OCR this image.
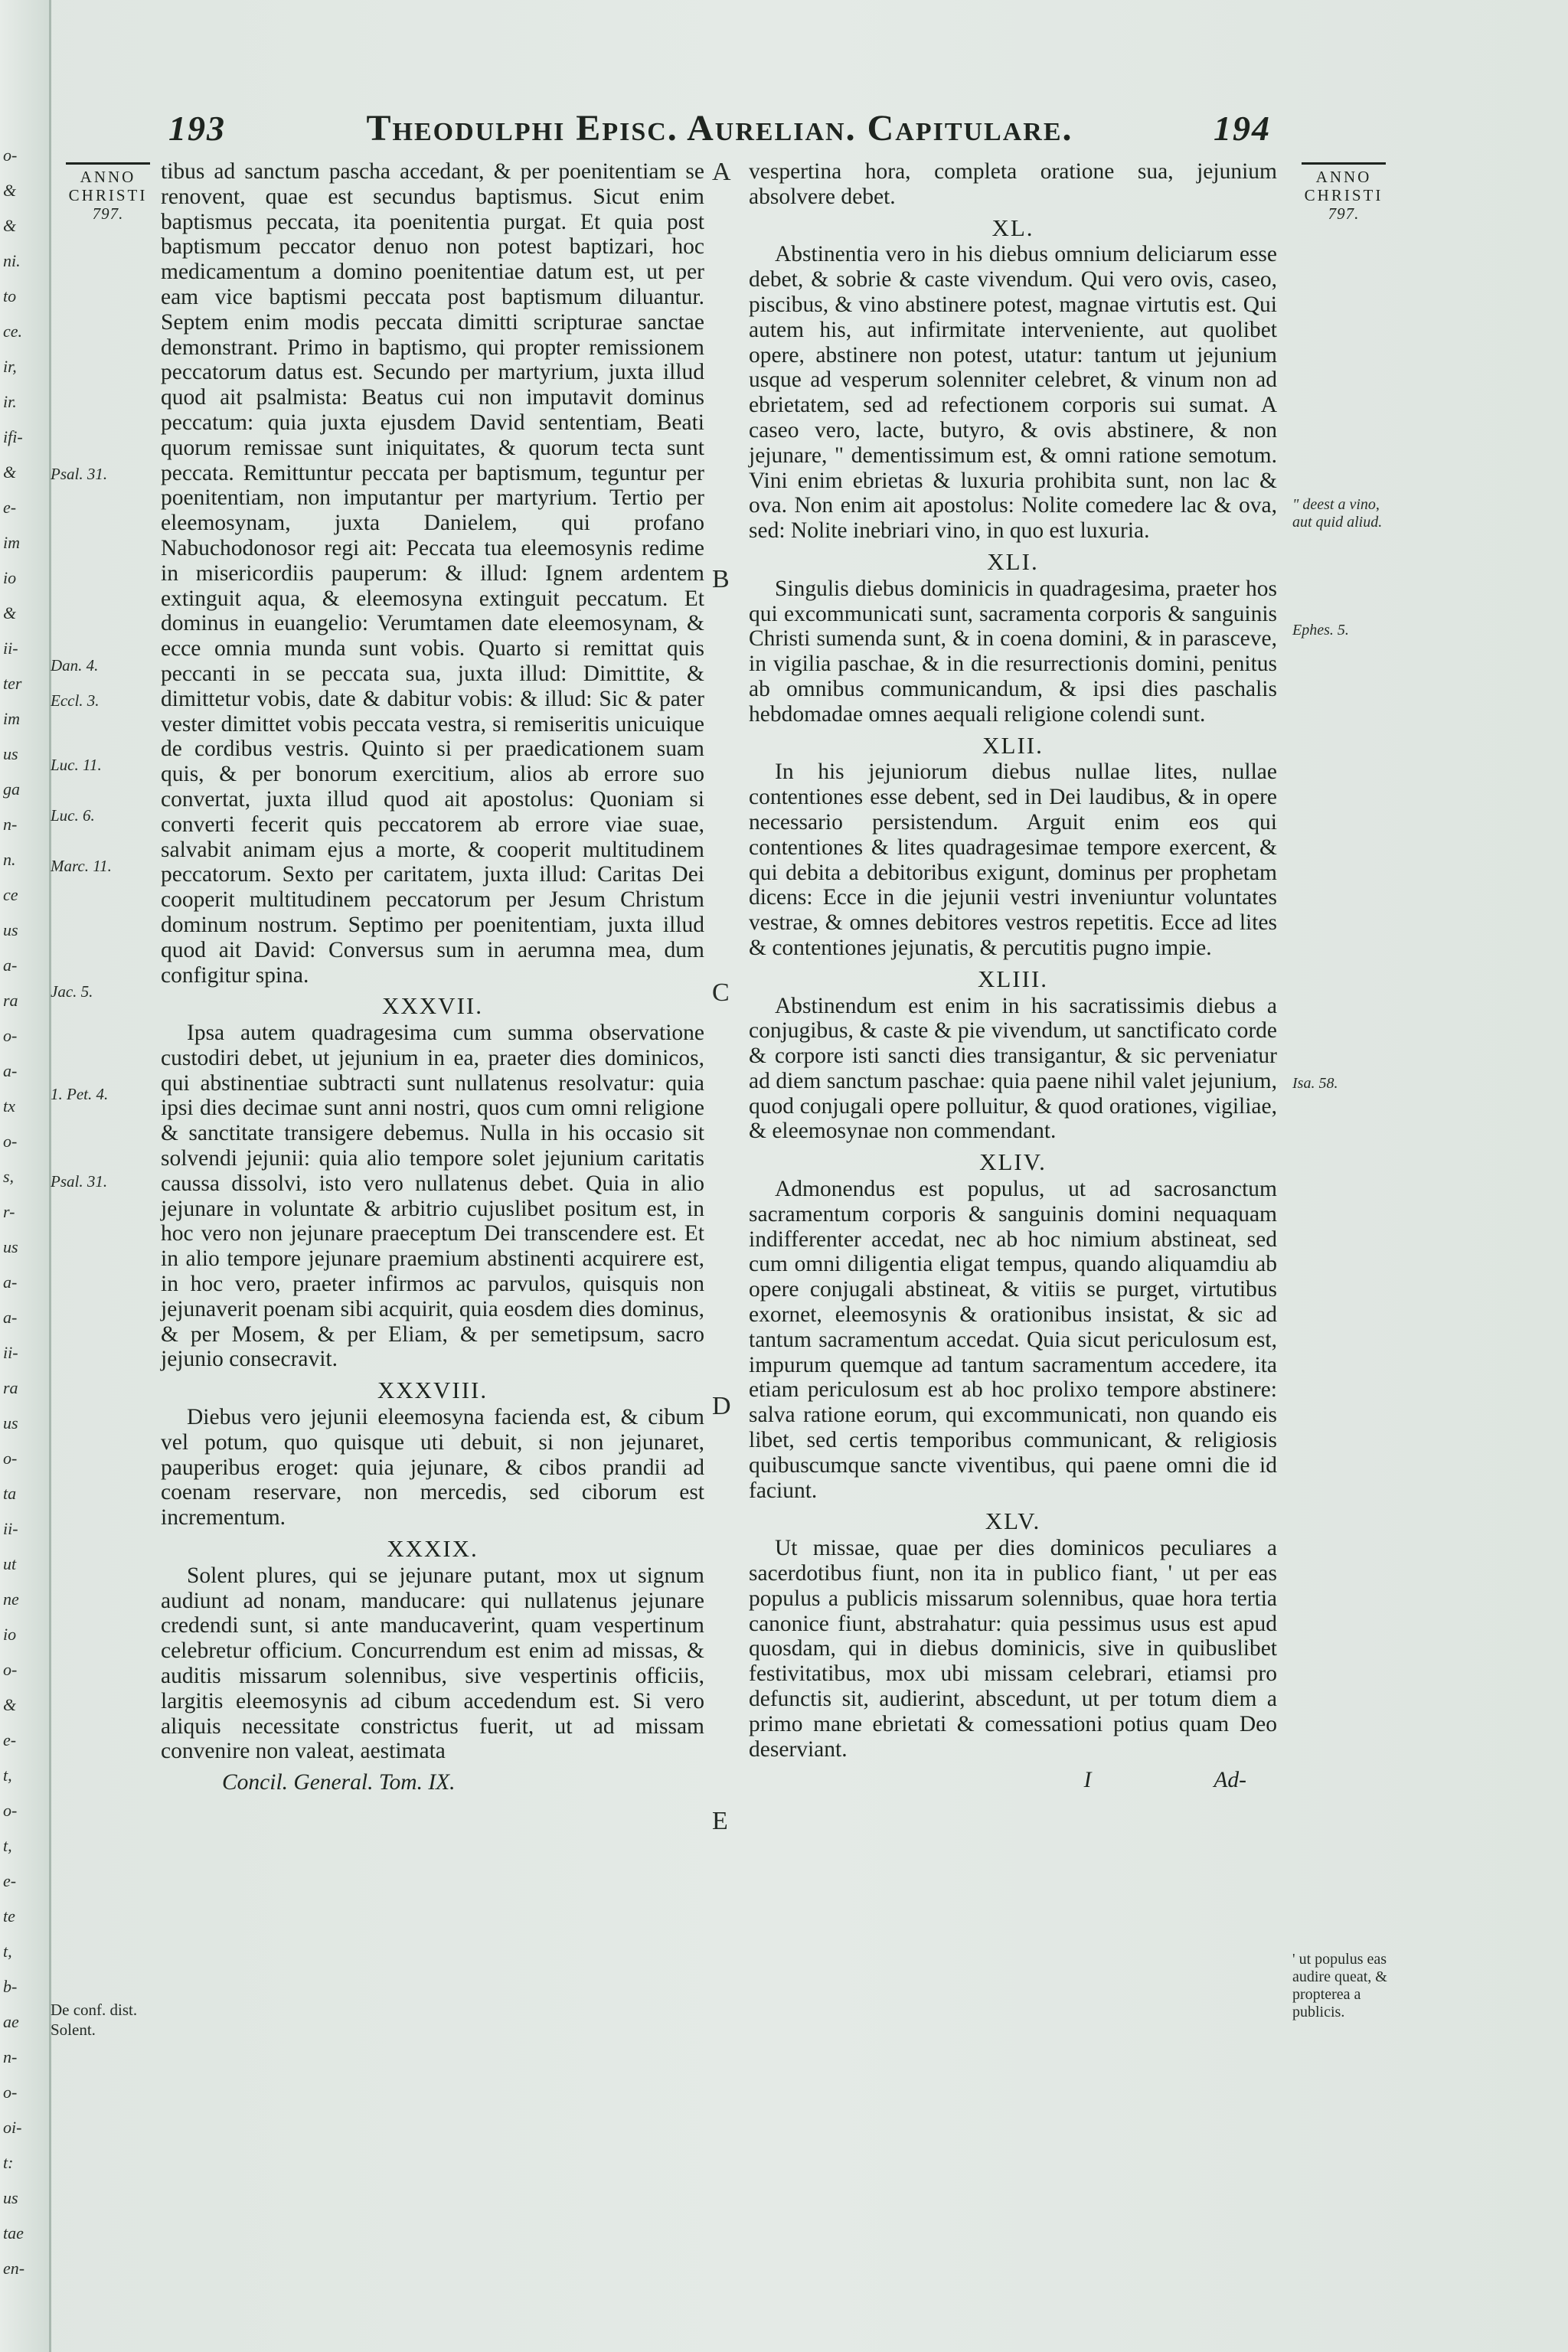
o-
&
&
ni.
to
ce.
ir,
ir.
ifi-
&
e-
im
io
&
ii-
ter
im
us
ga
n-
n.
ce
us
a-
ra
o-
a-
tx
o-
s,
r-
us
a-
a-
ii-
ra
us
o-
ta
ii-
ut
ne
io
o-
&
e-
t,
o-
t,
e-
te
t,
b-
ae
n-
o-
oi-
t:
us
tae
en-
193	Theodulphi Episc. Aurelian. Capitulare.	194
ANNO
CHRISTI
797.
ANNO
CHRISTI
797.
Psal. 31.
Dan. 4.
Eccl. 3.
Luc. 11.
Luc. 6.
Marc. 11.
Jac. 5.
1. Pet. 4.
Psal. 31.
De conf. dist.
Solent.
" deest a vino, aut quid aliud.
Ephes. 5.
Isa. 58.
' ut populus eas audire queat, & propterea a publicis.
A
B
C
D
E

tibus ad sanctum pascha accedant, & per poenitentiam se renovent, quae est secundus baptismus. Sicut enim baptismus peccata, ita poenitentia purgat. Et quia post baptismum peccator denuo non potest baptizari, hoc medicamentum a domino poenitentiae datum est, ut per eam vice baptismi peccata post baptismum diluantur. Septem enim modis peccata dimitti scripturae sanctae demonstrant. Primo in baptismo, qui propter remissionem peccatorum datus est. Secundo per martyrium, juxta illud quod ait psalmista: Beatus cui non imputavit dominus peccatum: quia juxta ejusdem David sententiam, Beati quorum remissae sunt iniquitates, & quorum tecta sunt peccata. Remittuntur peccata per baptismum, teguntur per poenitentiam, non imputantur per martyrium. Tertio per eleemosynam, juxta Danielem, qui profano Nabuchodonosor regi ait: Peccata tua eleemosynis redime in misericordiis pauperum: & illud: Ignem ardentem extinguit aqua, & eleemosyna extinguit peccatum. Et dominus in euangelio: Verumtamen date eleemosynam, & ecce omnia munda sunt vobis. Quarto si remittat quis peccanti in se peccata sua, juxta illud: Dimittite, & dimittetur vobis, date & dabitur vobis: & illud: Sic & pater vester dimittet vobis peccata vestra, si remiseritis unicuique de cordibus vestris. Quinto si per praedicationem suam quis, & per bonorum exercitium, alios ab errore suo convertat, juxta illud quod ait apostolus: Quoniam si converti fecerit quis peccatorem ab errore viae suae, salvabit animam ejus a morte, & cooperit multitudinem peccatorum. Sexto per caritatem, juxta illud: Caritas Dei cooperit multitudinem peccatorum per Jesum Christum dominum nostrum. Septimo per poenitentiam, juxta illud quod ait David: Conversus sum in aerumna mea, dum configitur spina.

XXXVII.

Ipsa autem quadragesima cum summa observatione custodiri debet, ut jejunium in ea, praeter dies dominicos, qui abstinentiae subtracti sunt nullatenus resolvatur: quia ipsi dies decimae sunt anni nostri, quos cum omni religione & sanctitate transigere debemus. Nulla in his occasio sit solvendi jejunii: quia alio tempore solet jejunium caritatis caussa dissolvi, isto vero nullatenus debet. Quia in alio jejunare in voluntate & arbitrio cujuslibet positum est, in hoc vero non jejunare praeceptum Dei transcendere est. Et in alio tempore jejunare praemium abstinenti acquirere est, in hoc vero, praeter infirmos ac parvulos, quisquis non jejunaverit poenam sibi acquirit, quia eosdem dies dominus, & per Mosem, & per Eliam, & per semetipsum, sacro jejunio consecravit.

XXXVIII.

Diebus vero jejunii eleemosyna facienda est, & cibum vel potum, quo quisque uti debuit, si non jejunaret, pauperibus eroget: quia jejunare, & cibos prandii ad coenam reservare, non mercedis, sed ciborum est incrementum.

XXXIX.

Solent plures, qui se jejunare putant, mox ut signum audiunt ad nonam, manducare: qui nullatenus jejunare credendi sunt, si ante manducaverint, quam vespertinum celebretur officium. Concurrendum est enim ad missas, & auditis missarum solennibus, sive vespertinis officiis, largitis eleemosynis ad cibum accedendum est. Si vero aliquis necessitate constrictus fuerit, ut ad missam convenire non valeat, aestimata

Concil. General. Tom. IX.

vespertina hora, completa oratione sua, jejunium absolvere debet.

XL.

Abstinentia vero in his diebus omnium deliciarum esse debet, & sobrie & caste vivendum. Qui vero ovis, caseo, piscibus, & vino abstinere potest, magnae virtutis est. Qui autem his, aut infirmitate interveniente, aut quolibet opere, abstinere non potest, utatur: tantum ut jejunium usque ad vesperum solenniter celebret, & vinum non ad ebrietatem, sed ad refectionem corporis sui sumat. A caseo vero, lacte, butyro, & ovis abstinere, & non jejunare, " dementissimum est, & omni ratione semotum. Vini enim ebrietas & luxuria prohibita sunt, non lac & ova. Non enim ait apostolus: Nolite comedere lac & ova, sed: Nolite inebriari vino, in quo est luxuria.

XLI.

Singulis diebus dominicis in quadragesima, praeter hos qui excommunicati sunt, sacramenta corporis & sanguinis Christi sumenda sunt, & in coena domini, & in parasceve, in vigilia paschae, & in die resurrectionis domini, penitus ab omnibus communicandum, & ipsi dies paschalis hebdomadae omnes aequali religione colendi sunt.

XLII.

In his jejuniorum diebus nullae lites, nullae contentiones esse debent, sed in Dei laudibus, & in opere necessario persistendum. Arguit enim eos qui contentiones & lites quadragesimae tempore exercent, & qui debita a debitoribus exigunt, dominus per prophetam dicens: Ecce in die jejunii vestri inveniuntur voluntates vestrae, & omnes debitores vestros repetitis. Ecce ad lites & contentiones jejunatis, & percutitis pugno impie.

XLIII.

Abstinendum est enim in his sacratissimis diebus a conjugibus, & caste & pie vivendum, ut sanctificato corde & corpore isti sancti dies transigantur, & sic perveniatur ad diem sanctum paschae: quia paene nihil valet jejunium, quod conjugali opere polluitur, & quod orationes, vigiliae, & eleemosynae non commendant.

XLIV.

Admonendus est populus, ut ad sacrosanctum sacramentum corporis & sanguinis domini nequaquam indifferenter accedat, nec ab hoc nimium abstineat, sed cum omni diligentia eligat tempus, quando aliquamdiu ab opere conjugali abstineat, & vitiis se purget, virtutibus exornet, eleemosynis & orationibus insistat, & sic ad tantum sacramentum accedat. Quia sicut periculosum est, impurum quemque ad tantum sacramentum accedere, ita etiam periculosum est ab hoc prolixo tempore abstinere: salva ratione eorum, qui excommunicati, non quando eis libet, sed certis temporibus communicant, & religiosis quibuscumque sancte viventibus, qui paene omni die id faciunt.

XLV.

Ut missae, quae per dies dominicos peculiares a sacerdotibus fiunt, non ita in publico fiant, ' ut per eas populus a publicis missarum solennibus, quae hora tertia canonice fiunt, abstrahatur: quia pessimus usus est apud quosdam, qui in diebus dominicis, sive in quibuslibet festivitatibus, mox ubi missam celebrari, etiamsi pro defunctis sit, audierint, abscedunt, ut per totum diem a primo mane ebrietati & comessationi potius quam Deo deserviant.

I	Ad-
